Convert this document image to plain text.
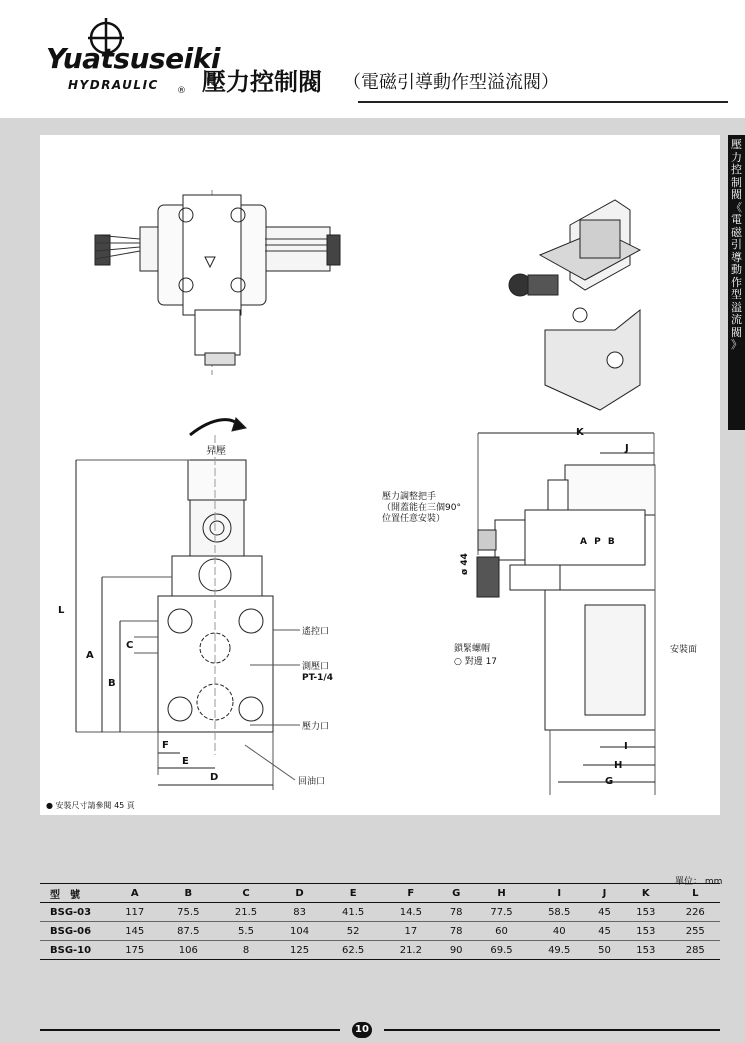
Yuatsuseiki
HYDRAULIC ® 壓力控制閥 （電磁引導動作型溢流閥）
壓
力
控
制
閥
《
電
磁
引
導
動
作
型
溢
流
閥
》
昇壓
L
A
C
B
F
E
D
K
J
I
H
G
遙控口
測壓口
PT-1/4
壓力口
回油口
壓力調整把手
（開蓋能在三個90°
位置任意安裝）
ø 44
鎖緊螺帽
○ 對邊 17
安裝面
A P B
● 安裝尺寸請參閱 45 頁
單位： mm
型　號	A	B	C	D	E	F	G	H	I	J	K	L
BSG-03	117	75.5	21.5	83	41.5	14.5	78	77.5	58.5	45	153	226
BSG-06	145	87.5	5.5	104	52	17	78	60	40	45	153	255
BSG-10	175	106	8	125	62.5	21.2	90	69.5	49.5	50	153	285
10
